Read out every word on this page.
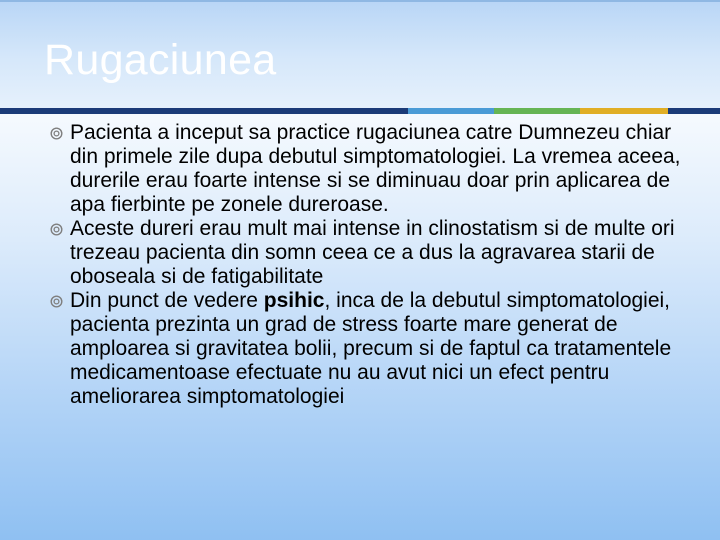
Rugaciunea
Pacienta a inceput sa practice rugaciunea catre Dumnezeu chiar din primele zile dupa debutul simptomatologiei. La vremea aceea, durerile erau foarte intense si se diminuau doar prin aplicarea de apa fierbinte pe zonele dureroase.
Aceste dureri erau mult mai intense in clinostatism si de multe ori trezeau pacienta din somn ceea ce a dus la agravarea starii de oboseala si de fatigabilitate
Din punct de vedere psihic, inca de la debutul simptomatologiei, pacienta prezinta un grad de stress foarte mare generat de amploarea si gravitatea bolii, precum si de faptul ca tratamentele medicamentoase efectuate nu au avut nici un efect pentru ameliorarea simptomatologiei
